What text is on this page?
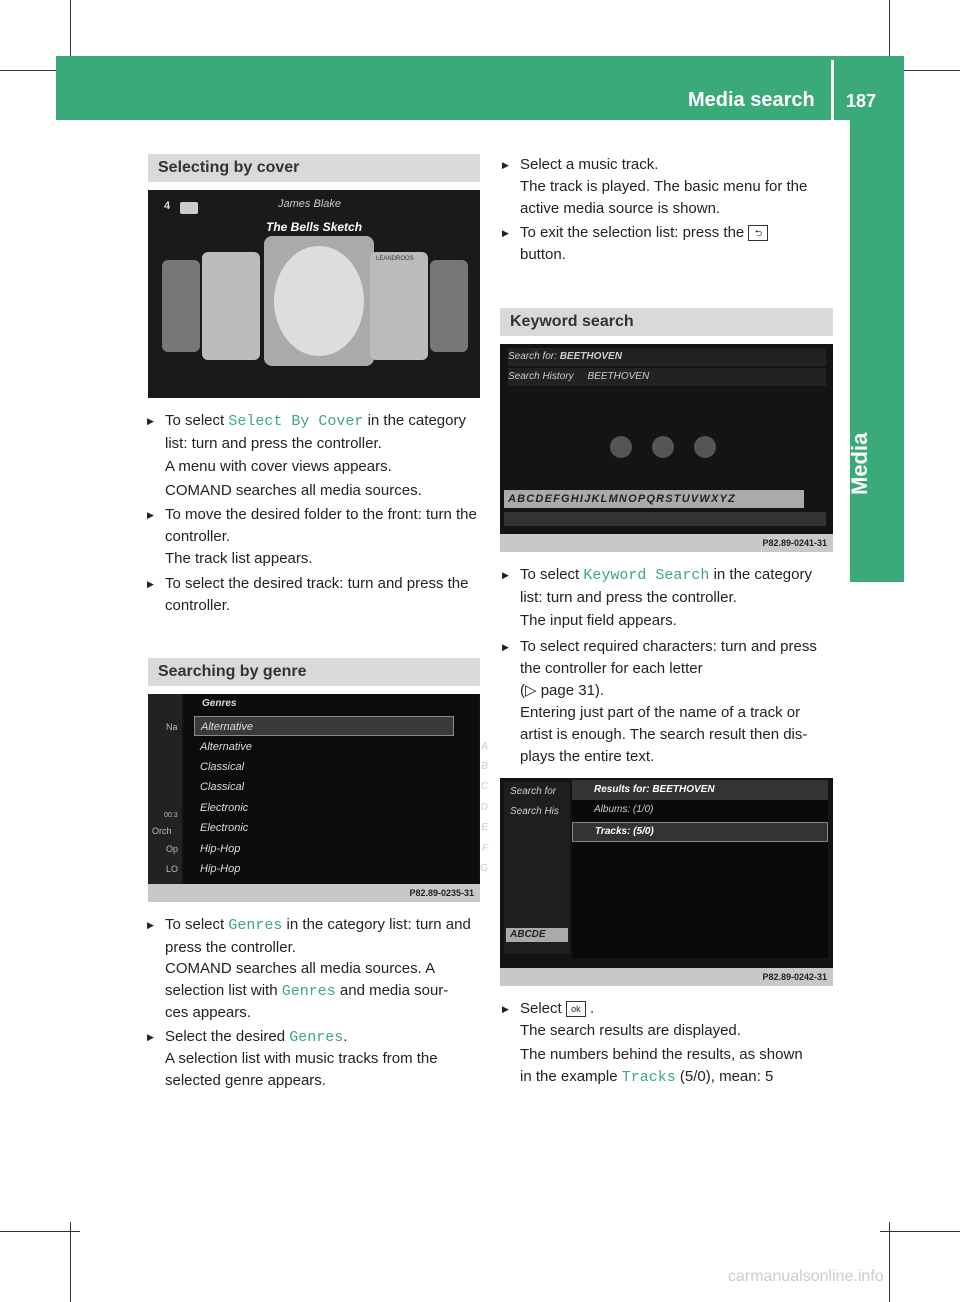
Media search 187
Media
Selecting by cover
4	James Blake
The Bells Sketch
LEANDROOS
▶ To select Select By Cover in the category list: turn and press the controller.
A menu with cover views appears.
COMAND searches all media sources.
▶ To move the desired folder to the front: turn the controller.
The track list appears.
▶ To select the desired track: turn and press the controller.
Searching by genre
Na
00:3
Orch
Op
LO
Genres
Alternative
Alternative	A
Classical	B
Classical	C
Electronic	D
Electronic	E
Hip-Hop	F
Hip-Hop	G
P82.89-0235-31
▶ To select Genres in the category list: turn and press the controller.
COMAND searches all media sources. A
selection list with Genres and media sour-
ces appears.
▶ Select the desired Genres.
A selection list with music tracks from the selected genre appears.
▶ Select a music track.
The track is played. The basic menu for the active media source is shown.
▶ To exit the selection list: press the ⮌
button.
Keyword search
Search for: BEETHOVEN
Search History BEETHOVEN
ABCDEFGHIJKLMNOPQRSTUVWXYZ
P82.89-0241-31
▶ To select Keyword Search in the category list: turn and press the controller.
The input field appears.
▶ To select required characters: turn and press the controller for each letter
(▷ page 31).
Entering just part of the name of a track or artist is enough. The search result then dis-
plays the entire text.
Search for
Search His
ABCDE
Results for: BEETHOVEN
Albums: (1/0)
Tracks: (5/0)
P82.89-0242-31
▶ Select ok .
The search results are displayed.
The numbers behind the results, as shown
in the example Tracks (5/0), mean: 5
carmanualsonline.info
